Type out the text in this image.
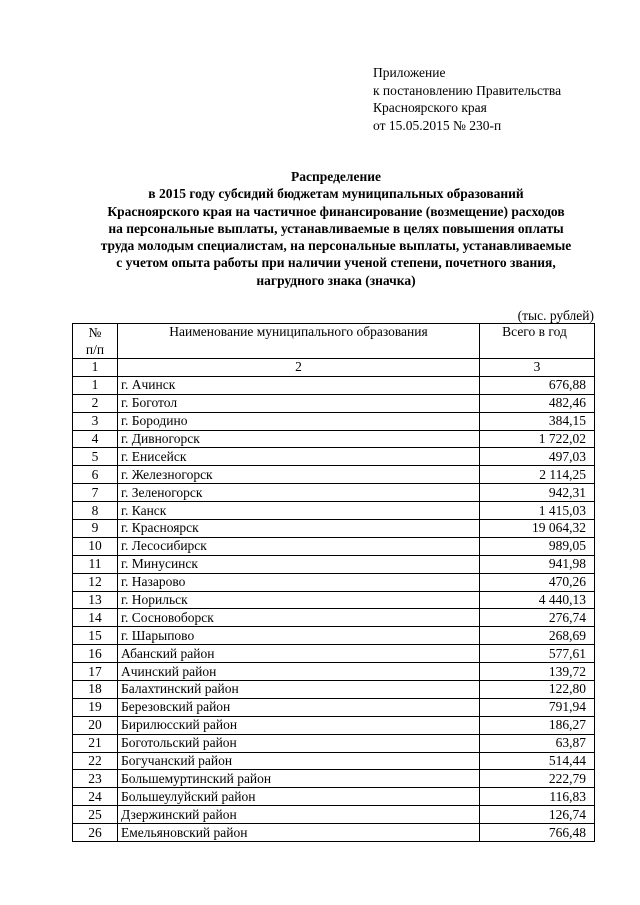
Приложение
к постановлению Правительства
Красноярского края
от 15.05.2015 № 230-п
Распределение
в 2015 году субсидий бюджетам муниципальных образований
Красноярского края на частичное финансирование (возмещение) расходов
на персональные выплаты, устанавливаемые в целях повышения оплаты
труда молодым специалистам, на персональные выплаты, устанавливаемые
с учетом опыта работы при наличии ученой степени, почетного звания,
нагрудного знака (значка)
(тыс. рублей)
№
п/п	Наименование муниципального образования	Всего в год
1	2	3
1	г. Ачинск	676,88
2	г. Боготол	482,46
3	г. Бородино	384,15
4	г. Дивногорск	1 722,02
5	г. Енисейск	497,03
6	г. Железногорск	2 114,25
7	г. Зеленогорск	942,31
8	г. Канск	1 415,03
9	г. Красноярск	19 064,32
10	г. Лесосибирск	989,05
11	г. Минусинск	941,98
12	г. Назарово	470,26
13	г. Норильск	4 440,13
14	г. Сосновоборск	276,74
15	г. Шарыпово	268,69
16	Абанский район	577,61
17	Ачинский район	139,72
18	Балахтинский район	122,80
19	Березовский район	791,94
20	Бирилюсский район	186,27
21	Боготольский район	63,87
22	Богучанский район	514,44
23	Большемуртинский район	222,79
24	Большеулуйский район	116,83
25	Дзержинский район	126,74
26	Емельяновский район	766,48
